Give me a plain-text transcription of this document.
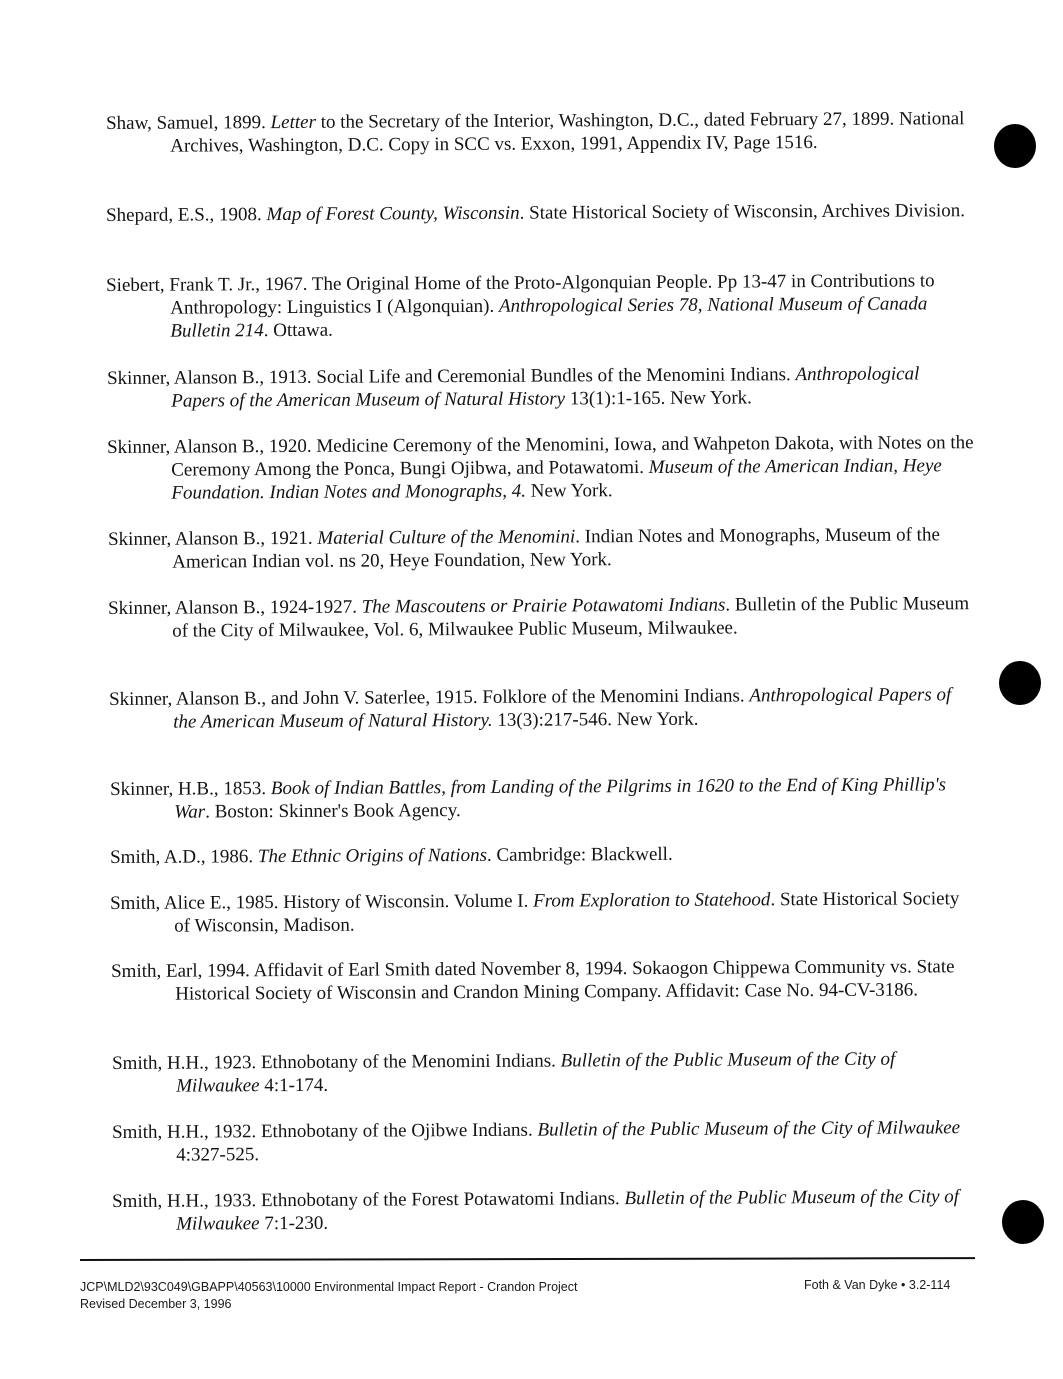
Shaw, Samuel, 1899. Letter to the Secretary of the Interior, Washington, D.C., dated February 27, 1899. National Archives, Washington, D.C. Copy in SCC vs. Exxon, 1991, Appendix IV, Page 1516.

Shepard, E.S., 1908. Map of Forest County, Wisconsin. State Historical Society of Wisconsin, Archives Division.

Siebert, Frank T. Jr., 1967. The Original Home of the Proto-Algonquian People. Pp 13-47 in Contributions to Anthropology: Linguistics I (Algonquian). Anthropological Series 78, National Museum of Canada Bulletin 214. Ottawa.

Skinner, Alanson B., 1913. Social Life and Ceremonial Bundles of the Menomini Indians. Anthropological Papers of the American Museum of Natural History 13(1):1-165. New York.

Skinner, Alanson B., 1920. Medicine Ceremony of the Menomini, Iowa, and Wahpeton Dakota, with Notes on the Ceremony Among the Ponca, Bungi Ojibwa, and Potawatomi. Museum of the American Indian, Heye Foundation. Indian Notes and Monographs, 4. New York.

Skinner, Alanson B., 1921. Material Culture of the Menomini. Indian Notes and Monographs, Museum of the American Indian vol. ns 20, Heye Foundation, New York.

Skinner, Alanson B., 1924-1927. The Mascoutens or Prairie Potawatomi Indians. Bulletin of the Public Museum of the City of Milwaukee, Vol. 6, Milwaukee Public Museum, Milwaukee.

Skinner, Alanson B., and John V. Saterlee, 1915. Folklore of the Menomini Indians. Anthropological Papers of the American Museum of Natural History. 13(3):217-546. New York.

Skinner, H.B., 1853. Book of Indian Battles, from Landing of the Pilgrims in 1620 to the End of King Phillip's War. Boston: Skinner's Book Agency.

Smith, A.D., 1986. The Ethnic Origins of Nations. Cambridge: Blackwell.

Smith, Alice E., 1985. History of Wisconsin. Volume I. From Exploration to Statehood. State Historical Society of Wisconsin, Madison.

Smith, Earl, 1994. Affidavit of Earl Smith dated November 8, 1994. Sokaogon Chippewa Community vs. State Historical Society of Wisconsin and Crandon Mining Company. Affidavit: Case No. 94-CV-3186.

Smith, H.H., 1923. Ethnobotany of the Menomini Indians. Bulletin of the Public Museum of the City of Milwaukee 4:1-174.

Smith, H.H., 1932. Ethnobotany of the Ojibwe Indians. Bulletin of the Public Museum of the City of Milwaukee 4:327-525.

Smith, H.H., 1933. Ethnobotany of the Forest Potawatomi Indians. Bulletin of the Public Museum of the City of Milwaukee 7:1-230.

JCP\MLD2\93C049\GBAPP\40563\10000 Environmental Impact Report - Crandon Project
Revised December 3, 1996
Foth & Van Dyke • 3.2-114
